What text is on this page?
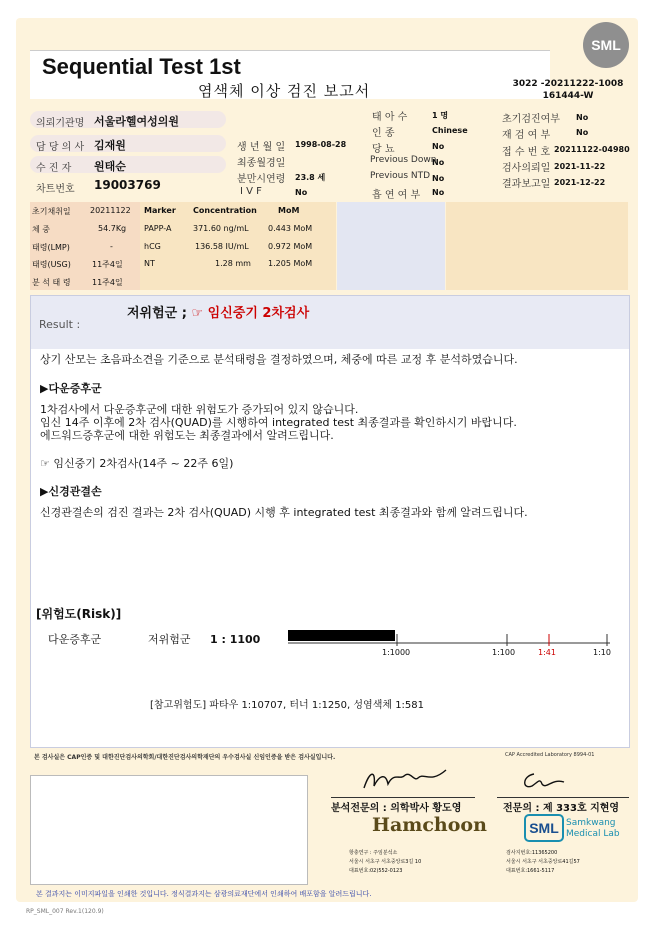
Sequential Test 1st
염색체 이상 검진 보고서	3022 -20211222-1008
161444-W
SML
의뢰기관명 서울라헬여성의원
담 당 의 사 김재원
수 진 자 원태순
차트번호 19003769
생 년 월 일 1998-08-28
최종월경일
분만시연령 23.8 세
I V F	No
태 아 수	1 명
인 종	Chinese
당 뇨	No
Previous Down
No
Previous NTD No
흡 연 여 부 No
초기검진여부 No
재 검 여 부	No
접 수 번 호 20211122-04980
검사의뢰일 2021-11-22
결과보고일 2021-12-22
초기채취일 20211122
체 중	54.7Kg
태령(LMP)	-
태령(USG)	11주4일
분 석 태 령	11주4일
Marker Concentration	MoM
PAPP-A	371.60 ng/mL 0.443 MoM
hCG	136.58 IU/mL 0.972 MoM
NT	1.28 mm 1.205 MoM
Result :
저위험군 ; ☞ 임신중기 2차검사
상기 산모는 초음파소견을 기준으로 분석태령을 결정하였으며, 체중에 따른 교정 후 분석하였습니다.
▶다운증후군
1차검사에서 다운증후군에 대한 위험도가 증가되어 있지 않습니다.
임신 14주 이후에 2차 검사(QUAD)를 시행하여 integrated test 최종결과를 확인하시기 바랍니다.
에드워드증후군에 대한 위험도는 최종결과에서 알려드립니다.
☞ 임신중기 2차검사(14주 ~ 22주 6일)
▶신경관결손
신경관결손의 검진 결과는 2차 검사(QUAD) 시행 후 integrated test 최종결과와 함께 알려드립니다.
[위험도(Risk)]
다운증후군	저위험군 1 : 1100
1:1000	1:100	1:41	1:10
[참고위험도] 파타우 1:10707, 터너 1:1250, 성염색체 1:581
본 검사실은 CAP인증 및 대한진단검사의학회/대한진단검사의학재단의 우수검사실 신임인증을 받은 검사실입니다.	CAP Accredited Laboratory 8994-01
분석전문의 : 의학박사 황도영	전문의 : 제 333호 지현영
Hamchoon	SML Samkwang
Medical Lab
항충연구 : 주임분석소
서울시 서초구 서초중앙로3길 10
대표번호:02)552-0123
검사지번호:11365200
서울시 서초구 서초중앙로41길57
대표번호:1661-5117
본 결과지는 이미지파일을 인쇄한 것입니다. 정식결과지는 삼광의료재단에서 인쇄하여 배포함을 알려드립니다.
RP_SML_007 Rev.1(120.9)
